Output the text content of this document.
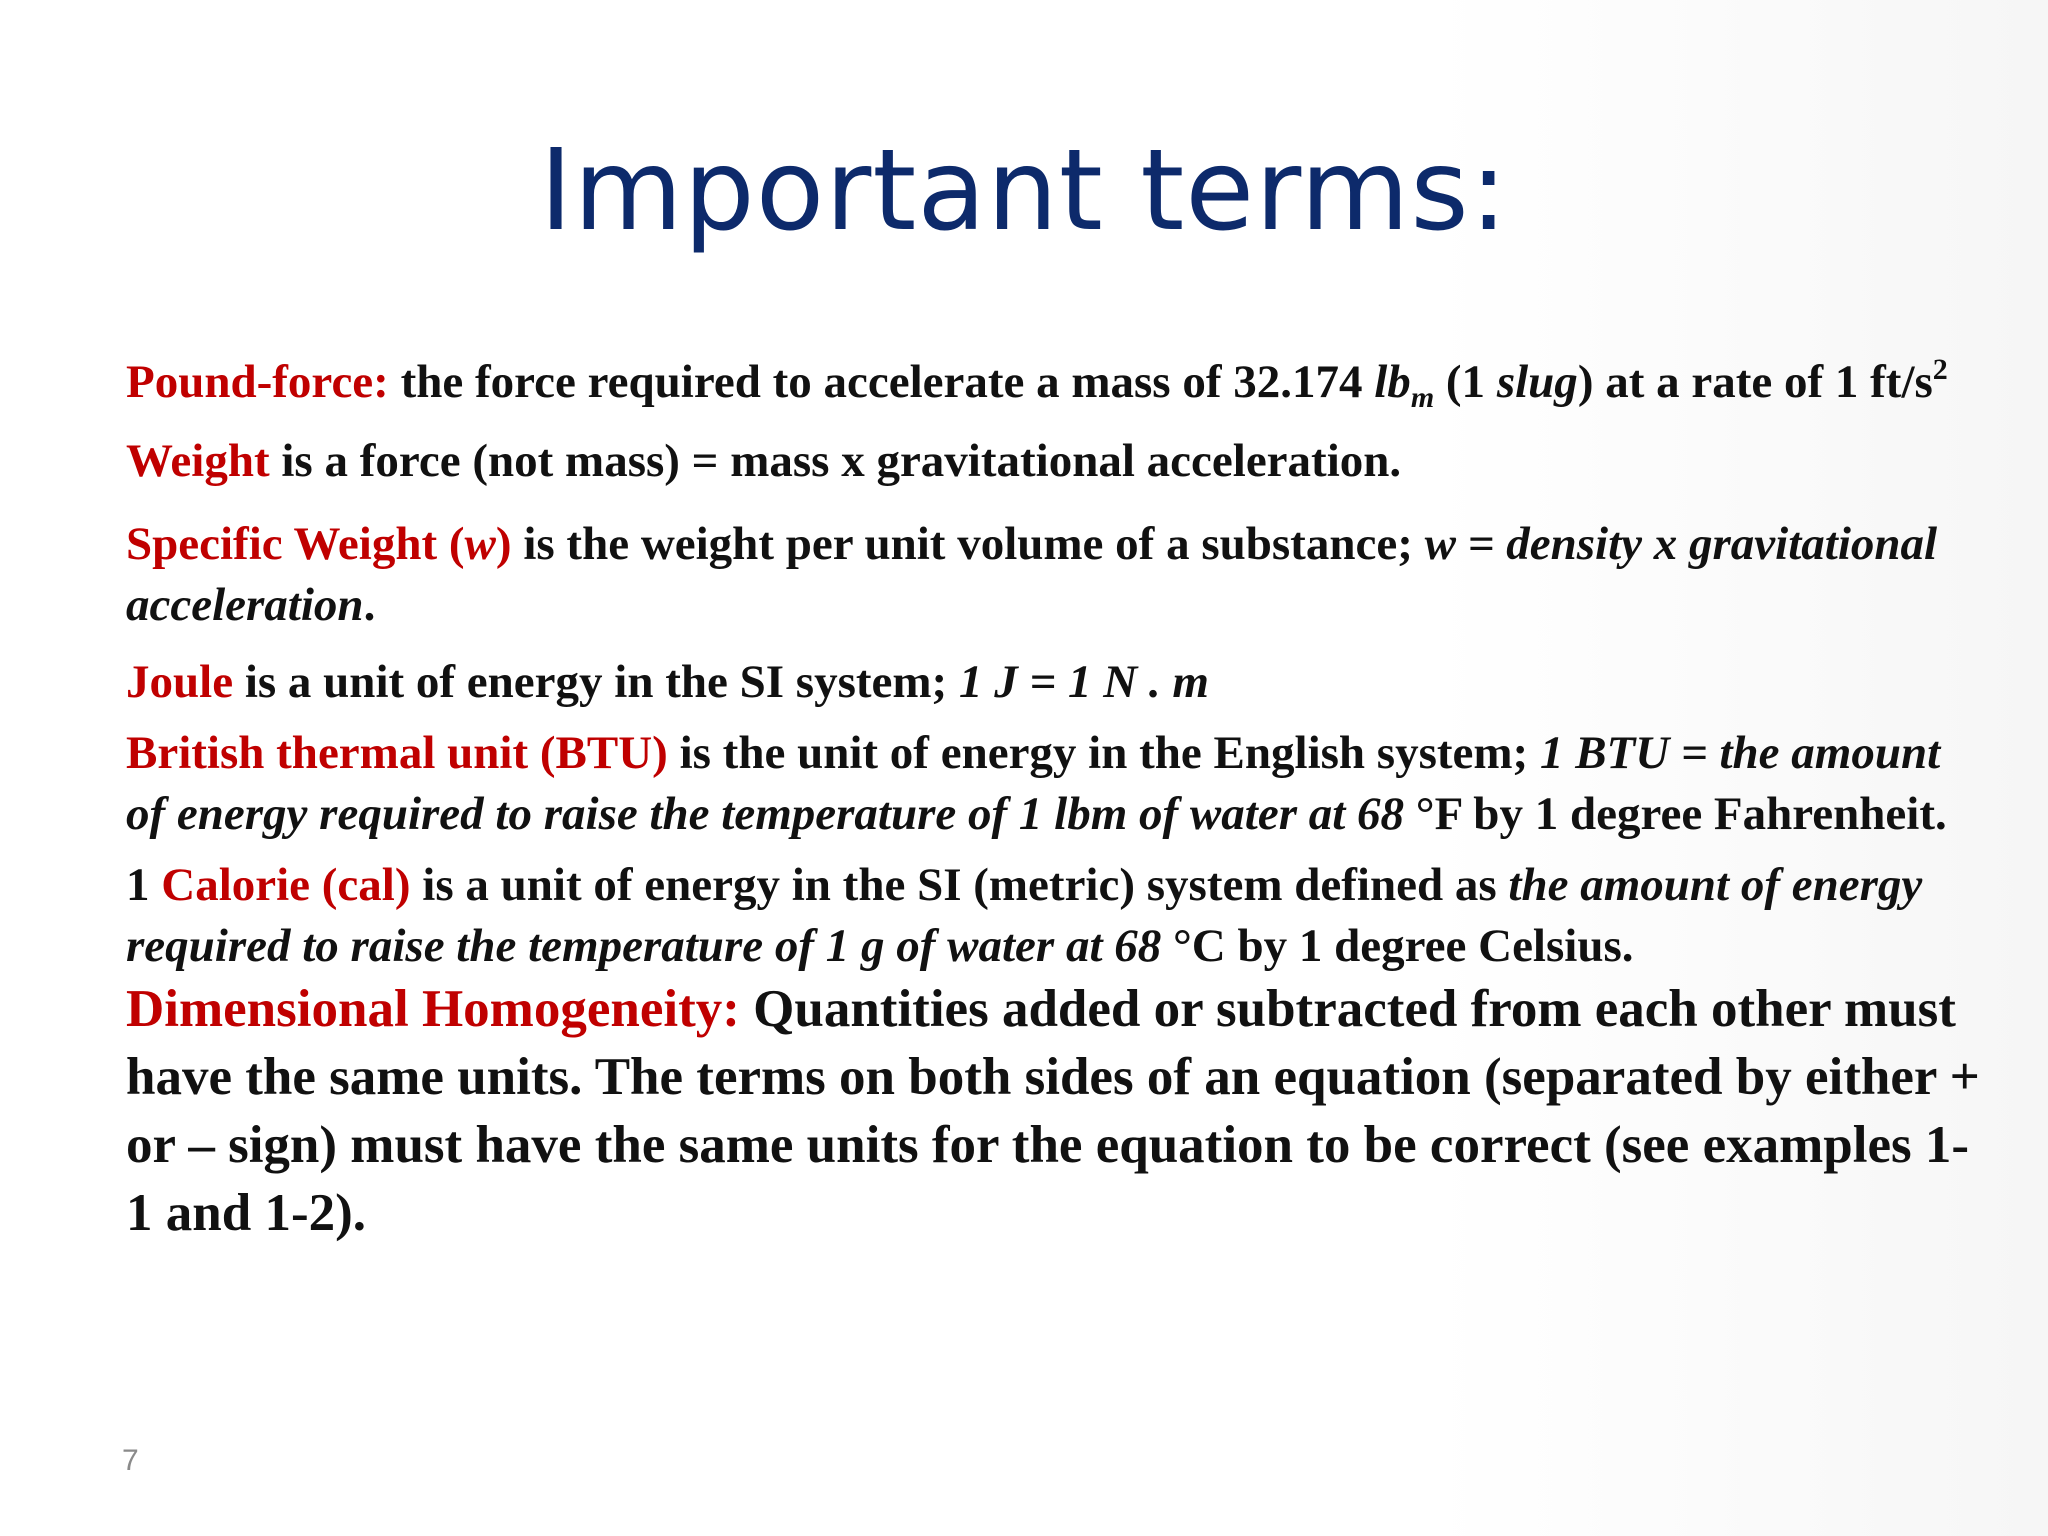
Important terms:

Pound-force: the force required to accelerate a mass of 32.174 $lb_m$ (1 slug) at a rate of 1 $ft/s^2$

Weight is a force (not mass) = mass x gravitational acceleration.

Specific Weight (w) is the weight per unit volume of a substance; w = density x gravitational acceleration.

Joule is a unit of energy in the SI system; 1 J = 1 N . m

British thermal unit (BTU) is the unit of energy in the English system; 1 BTU = the amount of energy required to raise the temperature of 1 lbm of water at 68 °F by 1 degree Fahrenheit.

1 Calorie (cal) is a unit of energy in the SI (metric) system defined as the amount of energy required to raise the temperature of 1 g of water at 68 °C by 1 degree Celsius.

Dimensional Homogeneity: Quantities added or subtracted from each other must have the same units. The terms on both sides of an equation (separated by either + or – sign) must have the same units for the equation to be correct (see examples 1-1 and 1-2).

7
